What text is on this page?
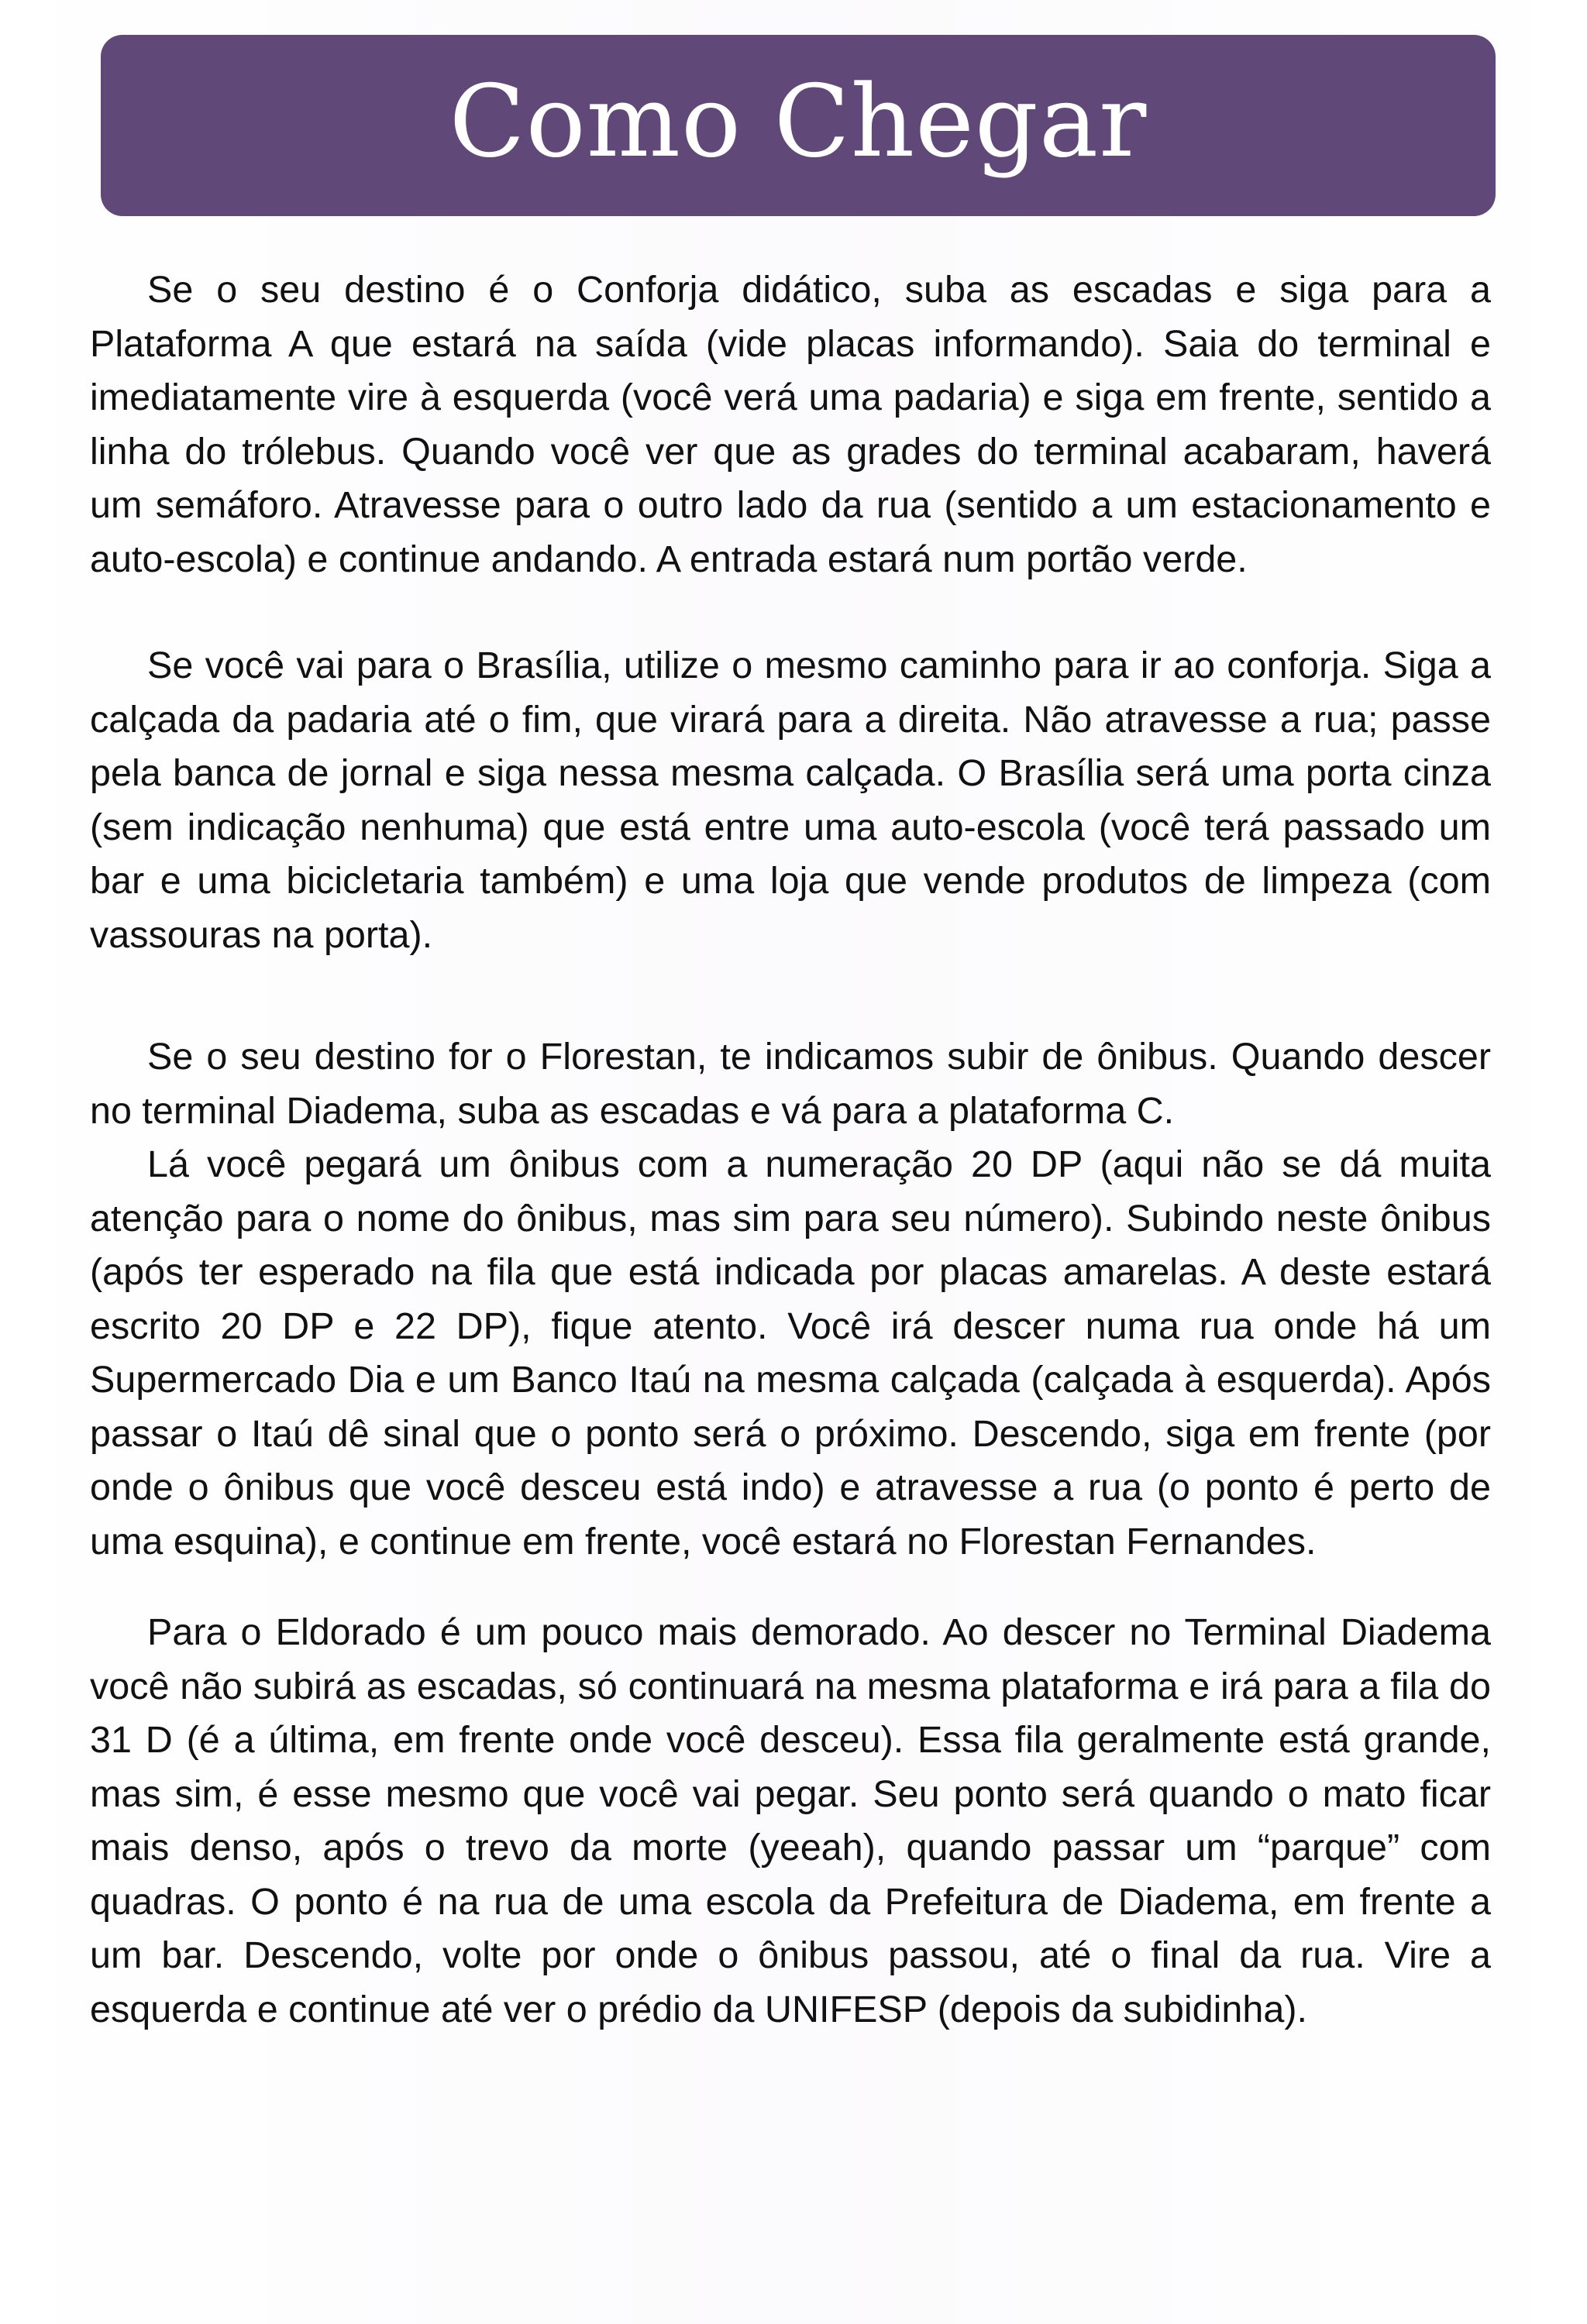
Como Chegar

Se o seu destino é o Conforja didático, suba as escadas e siga para a Plataforma A que estará na saída (vide placas informando). Saia do terminal e imediatamente vire à esquerda (você verá uma padaria) e siga em frente, sentido a linha do trólebus. Quando você ver que as grades do terminal acabaram, haverá um semáforo. Atravesse para o outro lado da rua (sentido a um estacionamento e auto-escola) e continue andando. A entrada estará num portão verde.

Se você vai para o Brasília, utilize o mesmo caminho para ir ao conforja. Siga a calçada da padaria até o fim, que virará para a direita. Não atravesse a rua; passe pela banca de jornal e siga nessa mesma calçada. O Brasília será uma porta cinza (sem indicação nenhuma) que está entre uma auto-escola (você terá passado um bar e uma bicicletaria também) e uma loja que vende produtos de limpeza (com vassouras na porta).

Se o seu destino for o Florestan, te indicamos subir de ônibus. Quando descer no terminal Diadema, suba as escadas e vá para a plataforma C.

Lá você pegará um ônibus com a numeração 20 DP (aqui não se dá muita atenção para o nome do ônibus, mas sim para seu número). Subindo neste ônibus (após ter esperado na fila que está indicada por placas amarelas. A deste estará escrito 20 DP e 22 DP), fique atento. Você irá descer numa rua onde há um Supermercado Dia e um Banco Itaú na mesma calçada (calçada à esquerda). Após passar o Itaú dê sinal que o ponto será o próximo. Descendo, siga em frente (por onde o ônibus que você desceu está indo) e atravesse a rua (o ponto é perto de uma esquina), e continue em frente, você estará no Florestan Fernandes.

Para o Eldorado é um pouco mais demorado. Ao descer no Terminal Diadema você não subirá as escadas, só continuará na mesma plataforma e irá para a fila do 31 D (é a última, em frente onde você desceu). Essa fila geralmente está grande, mas sim, é esse mesmo que você vai pegar. Seu ponto será quando o mato ficar mais denso, após o trevo da morte (yeeah), quando passar um “parque” com quadras. O ponto é na rua de uma escola da Prefeitura de Diadema, em frente a um bar. Descendo, volte por onde o ônibus passou, até o final da rua. Vire a esquerda e continue até ver o prédio da UNIFESP (depois da subidinha).
